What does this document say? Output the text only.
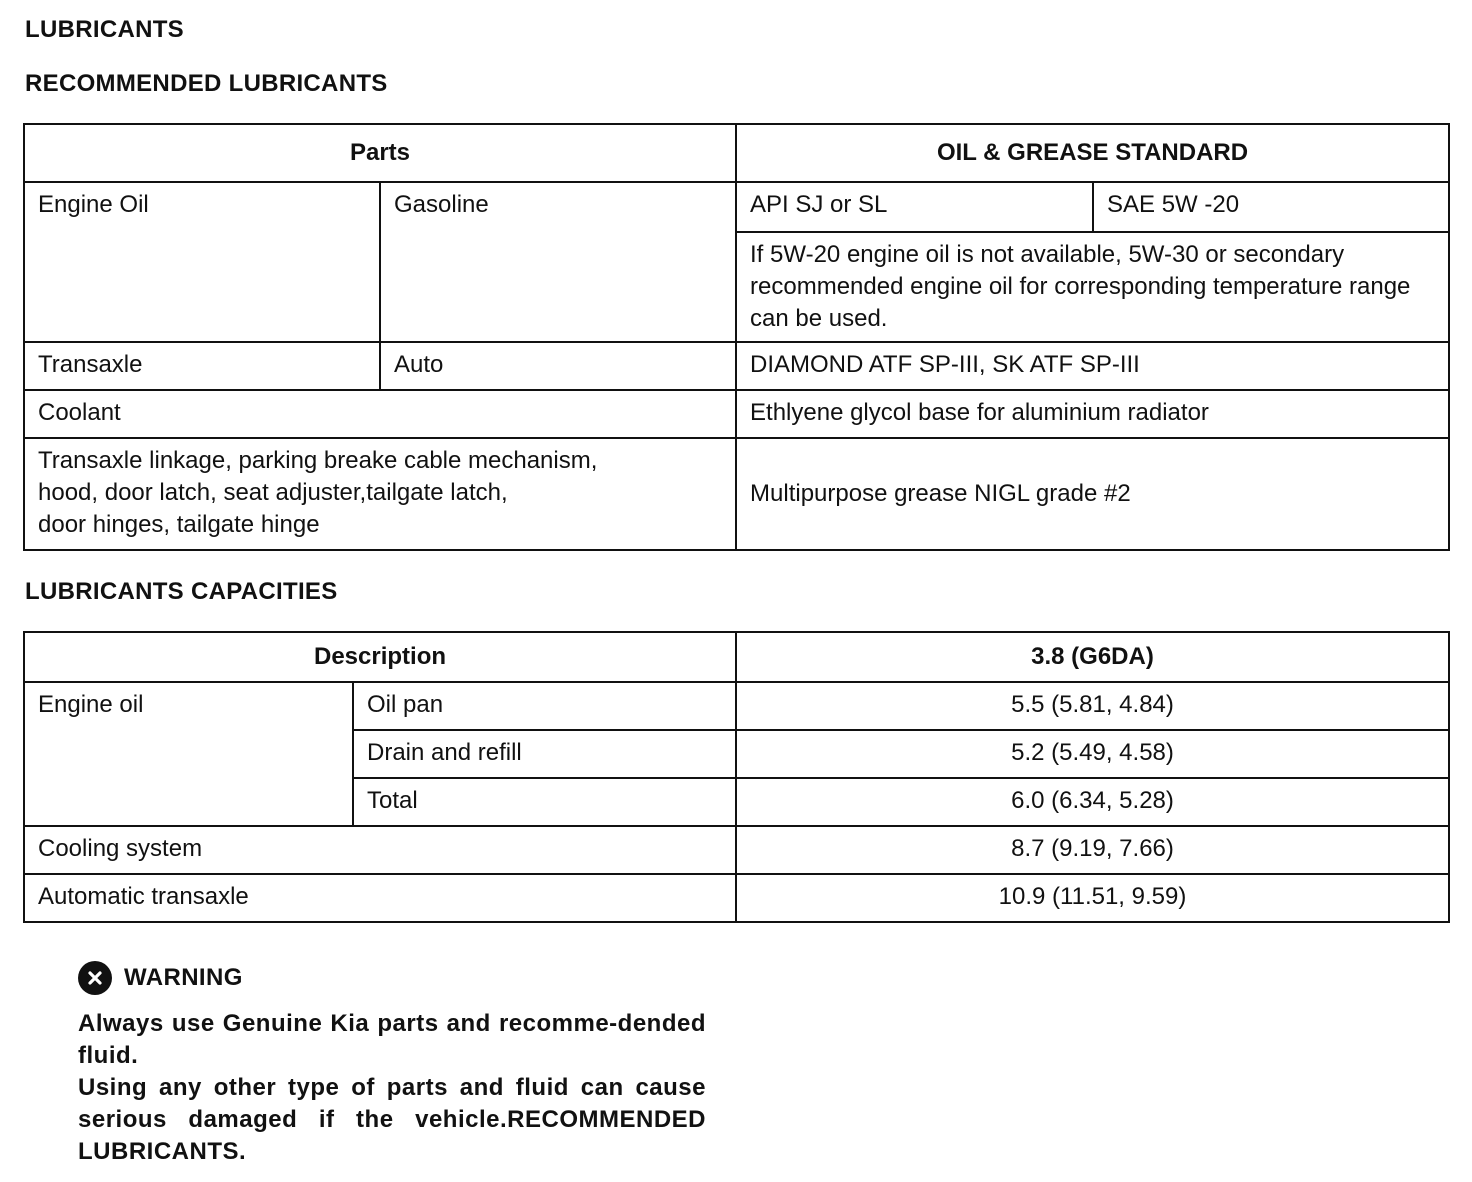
LUBRICANTS
RECOMMENDED LUBRICANTS
Parts		OIL & GREASE STANDARD	

Engine Oil	Gasoline	API SJ or SL	SAE 5W -20

		If 5W-20 engine oil is not available, 5W-30 or secondary recommended engine oil for corresponding temperature range can be used.	

Transaxle	Auto	DIAMOND ATF SP-III, SK ATF SP-III	

Coolant		Ethlyene glycol base for aluminium radiator	

Transaxle linkage, parking breake cable mechanism,
hood, door latch, seat adjuster,tailgate latch,
door hinges, tailgate hinge		Multipurpose grease NIGL grade #2	
LUBRICANTS CAPACITIES
Description		3.8 (G6DA)

Engine oil	Oil pan	5.5 (5.81, 4.84)

	Drain and refill	5.2 (5.49, 4.58)

	Total	6.0 (6.34, 5.28)

Cooling system		8.7 (9.19, 7.66)

Automatic transaxle		10.9 (11.51, 9.59)
WARNING

Always use Genuine Kia parts and recomme-dended fluid.

Using any other type of parts and fluid can cause serious damaged if the vehicle.RECOMMENDED LUBRICANTS.
